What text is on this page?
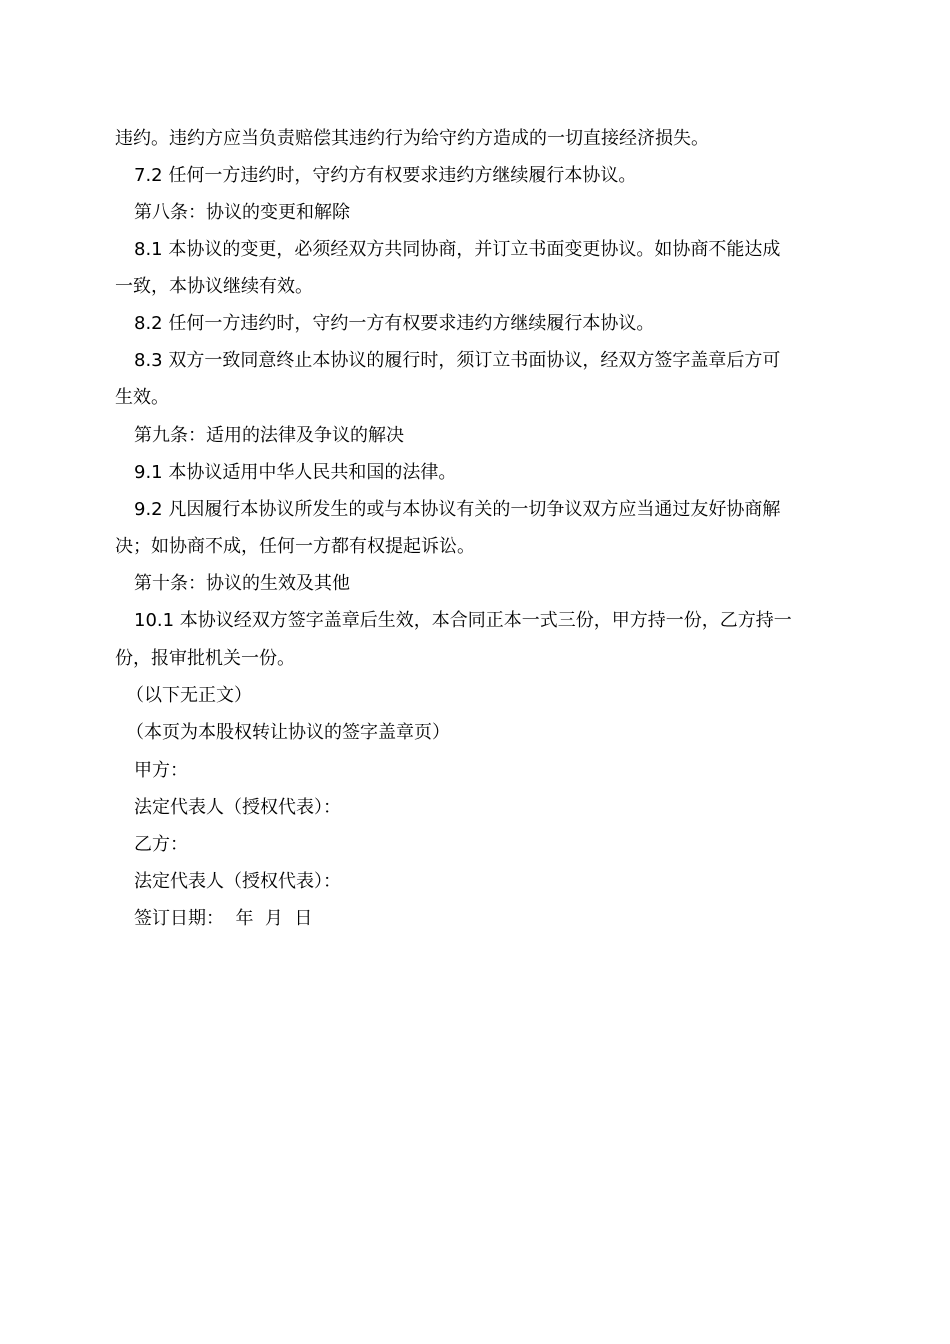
违约。违约方应当负责赔偿其违约行为给守约方造成的一切直接经济损失。
7.2 任何一方违约时，守约方有权要求违约方继续履行本协议。
第八条：协议的变更和解除
8.1 本协议的变更，必须经双方共同协商，并订立书面变更协议。如协商不能达成
一致，本协议继续有效。
8.2 任何一方违约时，守约一方有权要求违约方继续履行本协议。
8.3 双方一致同意终止本协议的履行时，须订立书面协议，经双方签字盖章后方可
生效。
第九条：适用的法律及争议的解决
9.1 本协议适用中华人民共和国的法律。
9.2 凡因履行本协议所发生的或与本协议有关的一切争议双方应当通过友好协商解
决；如协商不成，任何一方都有权提起诉讼。
第十条：协议的生效及其他
10.1 本协议经双方签字盖章后生效，本合同正本一式三份，甲方持一份，乙方持一
份，报审批机关一份。
（以下无正文）
（本页为本股权转让协议的签字盖章页）
甲方：
法定代表人（授权代表）：
乙方：
法定代表人（授权代表）：
签订日期：  年  月  日
